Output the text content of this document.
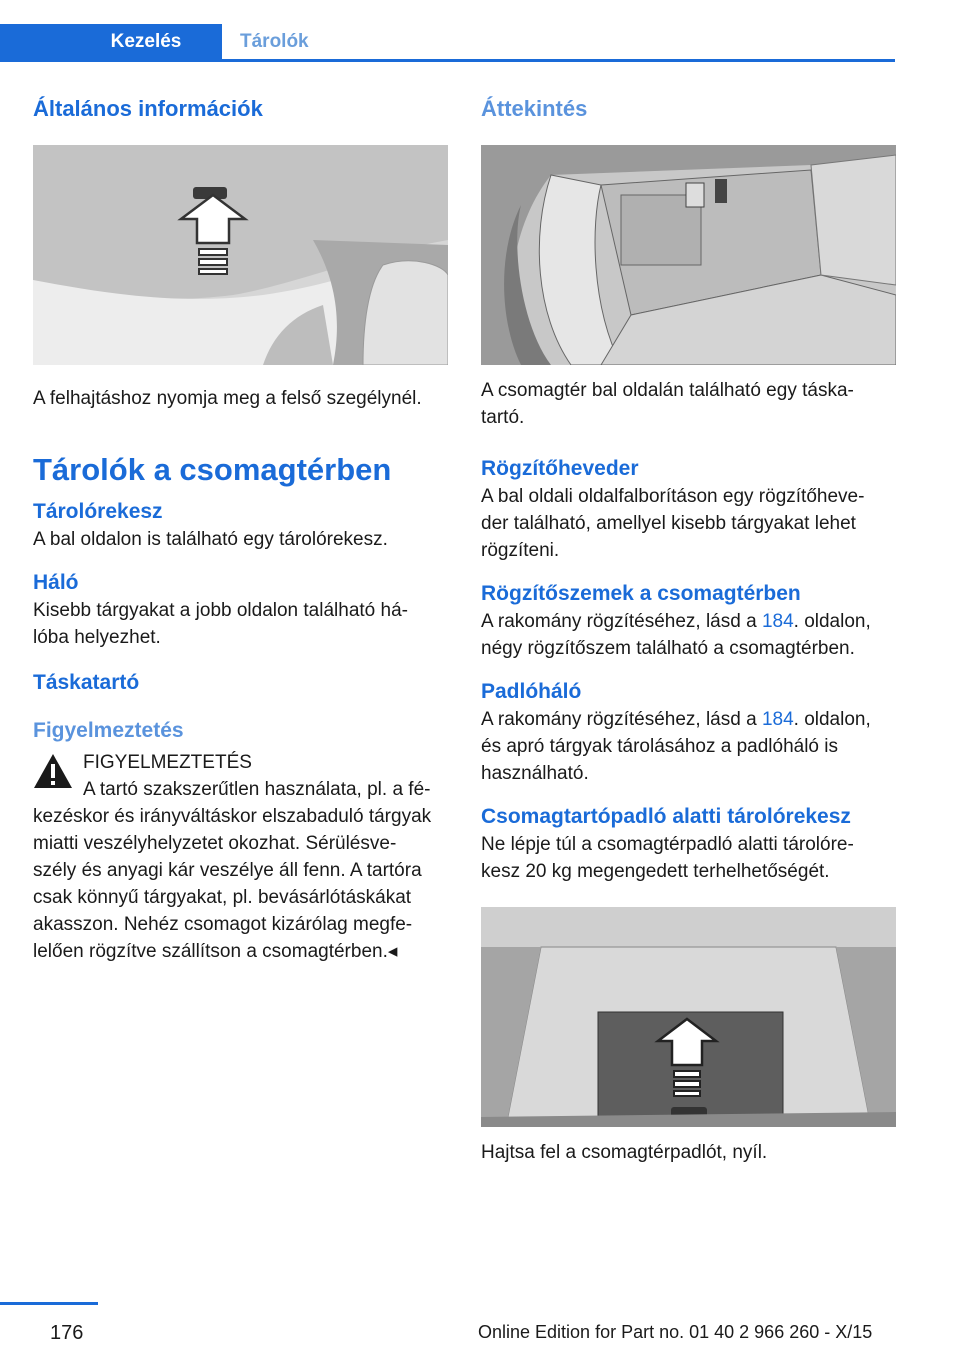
Kezelés	Tárolók
Általános információk
A felhajtáshoz nyomja meg a felső szegélynél.
Tárolók a csomagtérben
Tárolórekesz
A bal oldalon is található egy tárolórekesz.
Háló
Kisebb tárgyakat a jobb oldalon található há‐
lóba helyezhet.
Táskatartó
Figyelmeztetés
FIGYELMEZTETÉS
A tartó szakszerűtlen használata, pl. a fé‐
kezéskor és irányváltáskor elszabaduló tárgyak
miatti veszélyhelyzetet okozhat. Sérülésve‐
szély és anyagi kár veszélye áll fenn. A tartóra
csak könnyű tárgyakat, pl. bevásárlótáskákat
akasszon. Nehéz csomagot kizárólag megfe‐
lelően rögzítve szállítson a csomagtérben.◂
Áttekintés
A csomagtér bal oldalán található egy táska‐
tartó.
Rögzítőheveder
A bal oldali oldalfalborításon egy rögzítőheve‐
der található, amellyel kisebb tárgyakat lehet
rögzíteni.
Rögzítőszemek a csomagtérben
A rakomány rögzítéséhez, lásd a 184. oldalon,
négy rögzítőszem található a csomagtérben.
Padlóháló
A rakomány rögzítéséhez, lásd a 184. oldalon,
és apró tárgyak tárolásához a padlóháló is
használható.
Csomagtartópadló alatti tárolórekesz
Ne lépje túl a csomagtérpadló alatti tárolóre‐
kesz 20 kg megengedett terhelhetőségét.
Hajtsa fel a csomagtérpadlót, nyíl.
176	Online Edition for Part no. 01 40 2 966 260 - X/15
